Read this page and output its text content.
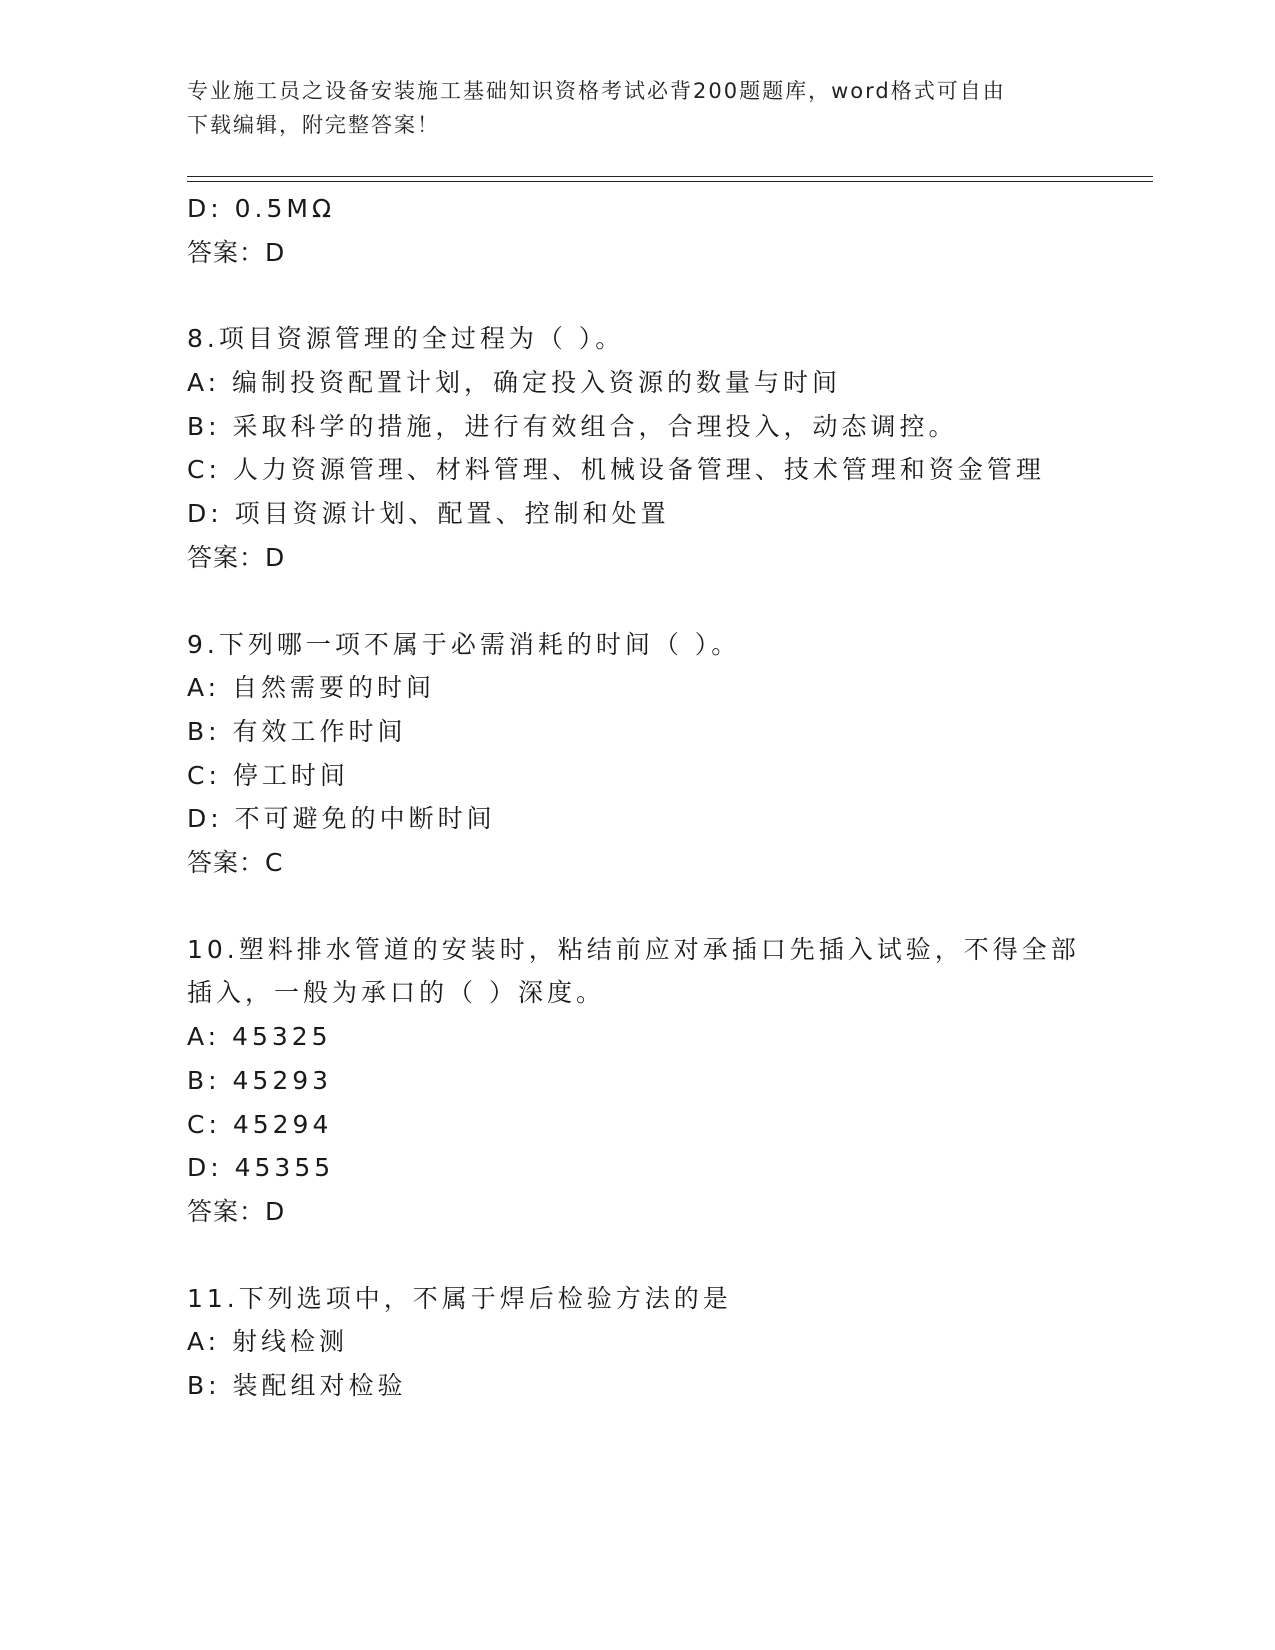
专业施工员之设备安装施工基础知识资格考试必背200题题库，word格式可自由
下载编辑，附完整答案！
D: 0.5MΩ
答案：D
8.项目资源管理的全过程为（ ）。
A: 编制投资配置计划，确定投入资源的数量与时间
B: 采取科学的措施，进行有效组合，合理投入，动态调控。
C: 人力资源管理、材料管理、机械设备管理、技术管理和资金管理
D: 项目资源计划、配置、控制和处置
答案：D
9.下列哪一项不属于必需消耗的时间（ ）。
A: 自然需要的时间
B: 有效工作时间
C: 停工时间
D: 不可避免的中断时间
答案：C
10.塑料排水管道的安装时，粘结前应对承插口先插入试验，不得全部
插入，一般为承口的（ ）深度。
A: 45325
B: 45293
C: 45294
D: 45355
答案：D
11.下列选项中，不属于焊后检验方法的是
A: 射线检测
B: 装配组对检验
